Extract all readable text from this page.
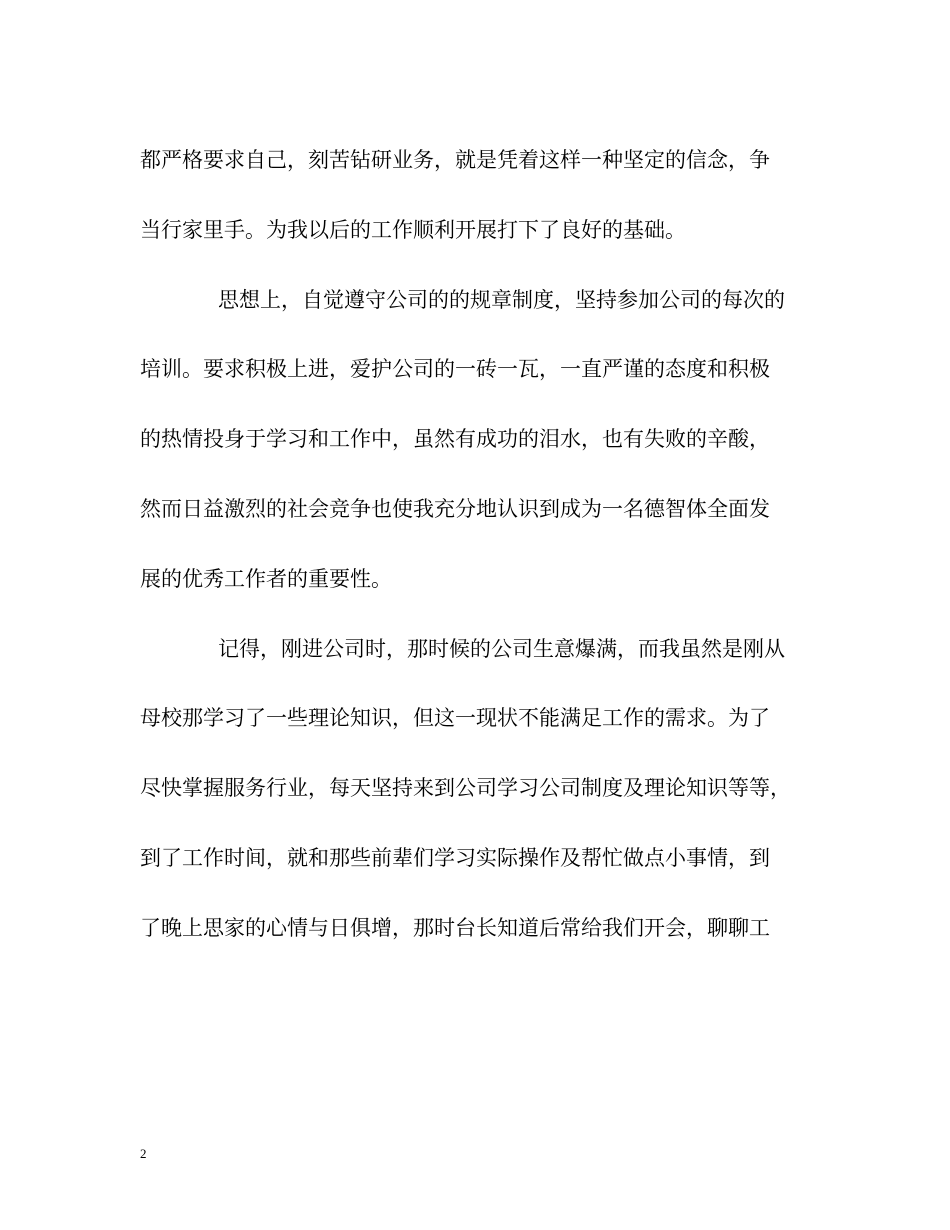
都严格要求自己，刻苦钻研业务，就是凭着这样一种坚定的信念，争
当行家里手。为我以后的工作顺利开展打下了良好的基础。
思想上，自觉遵守公司的的规章制度，坚持参加公司的每次的
培训。要求积极上进，爱护公司的一砖一瓦，一直严谨的态度和积极
的热情投身于学习和工作中，虽然有成功的泪水，也有失败的辛酸，
然而日益激烈的社会竞争也使我充分地认识到成为一名德智体全面发
展的优秀工作者的重要性。
记得，刚进公司时，那时候的公司生意爆满，而我虽然是刚从
母校那学习了一些理论知识，但这一现状不能满足工作的需求。为了
尽快掌握服务行业，每天坚持来到公司学习公司制度及理论知识等等，
到了工作时间，就和那些前辈们学习实际操作及帮忙做点小事情，到
了晚上思家的心情与日俱增，那时台长知道后常给我们开会，聊聊工
2
